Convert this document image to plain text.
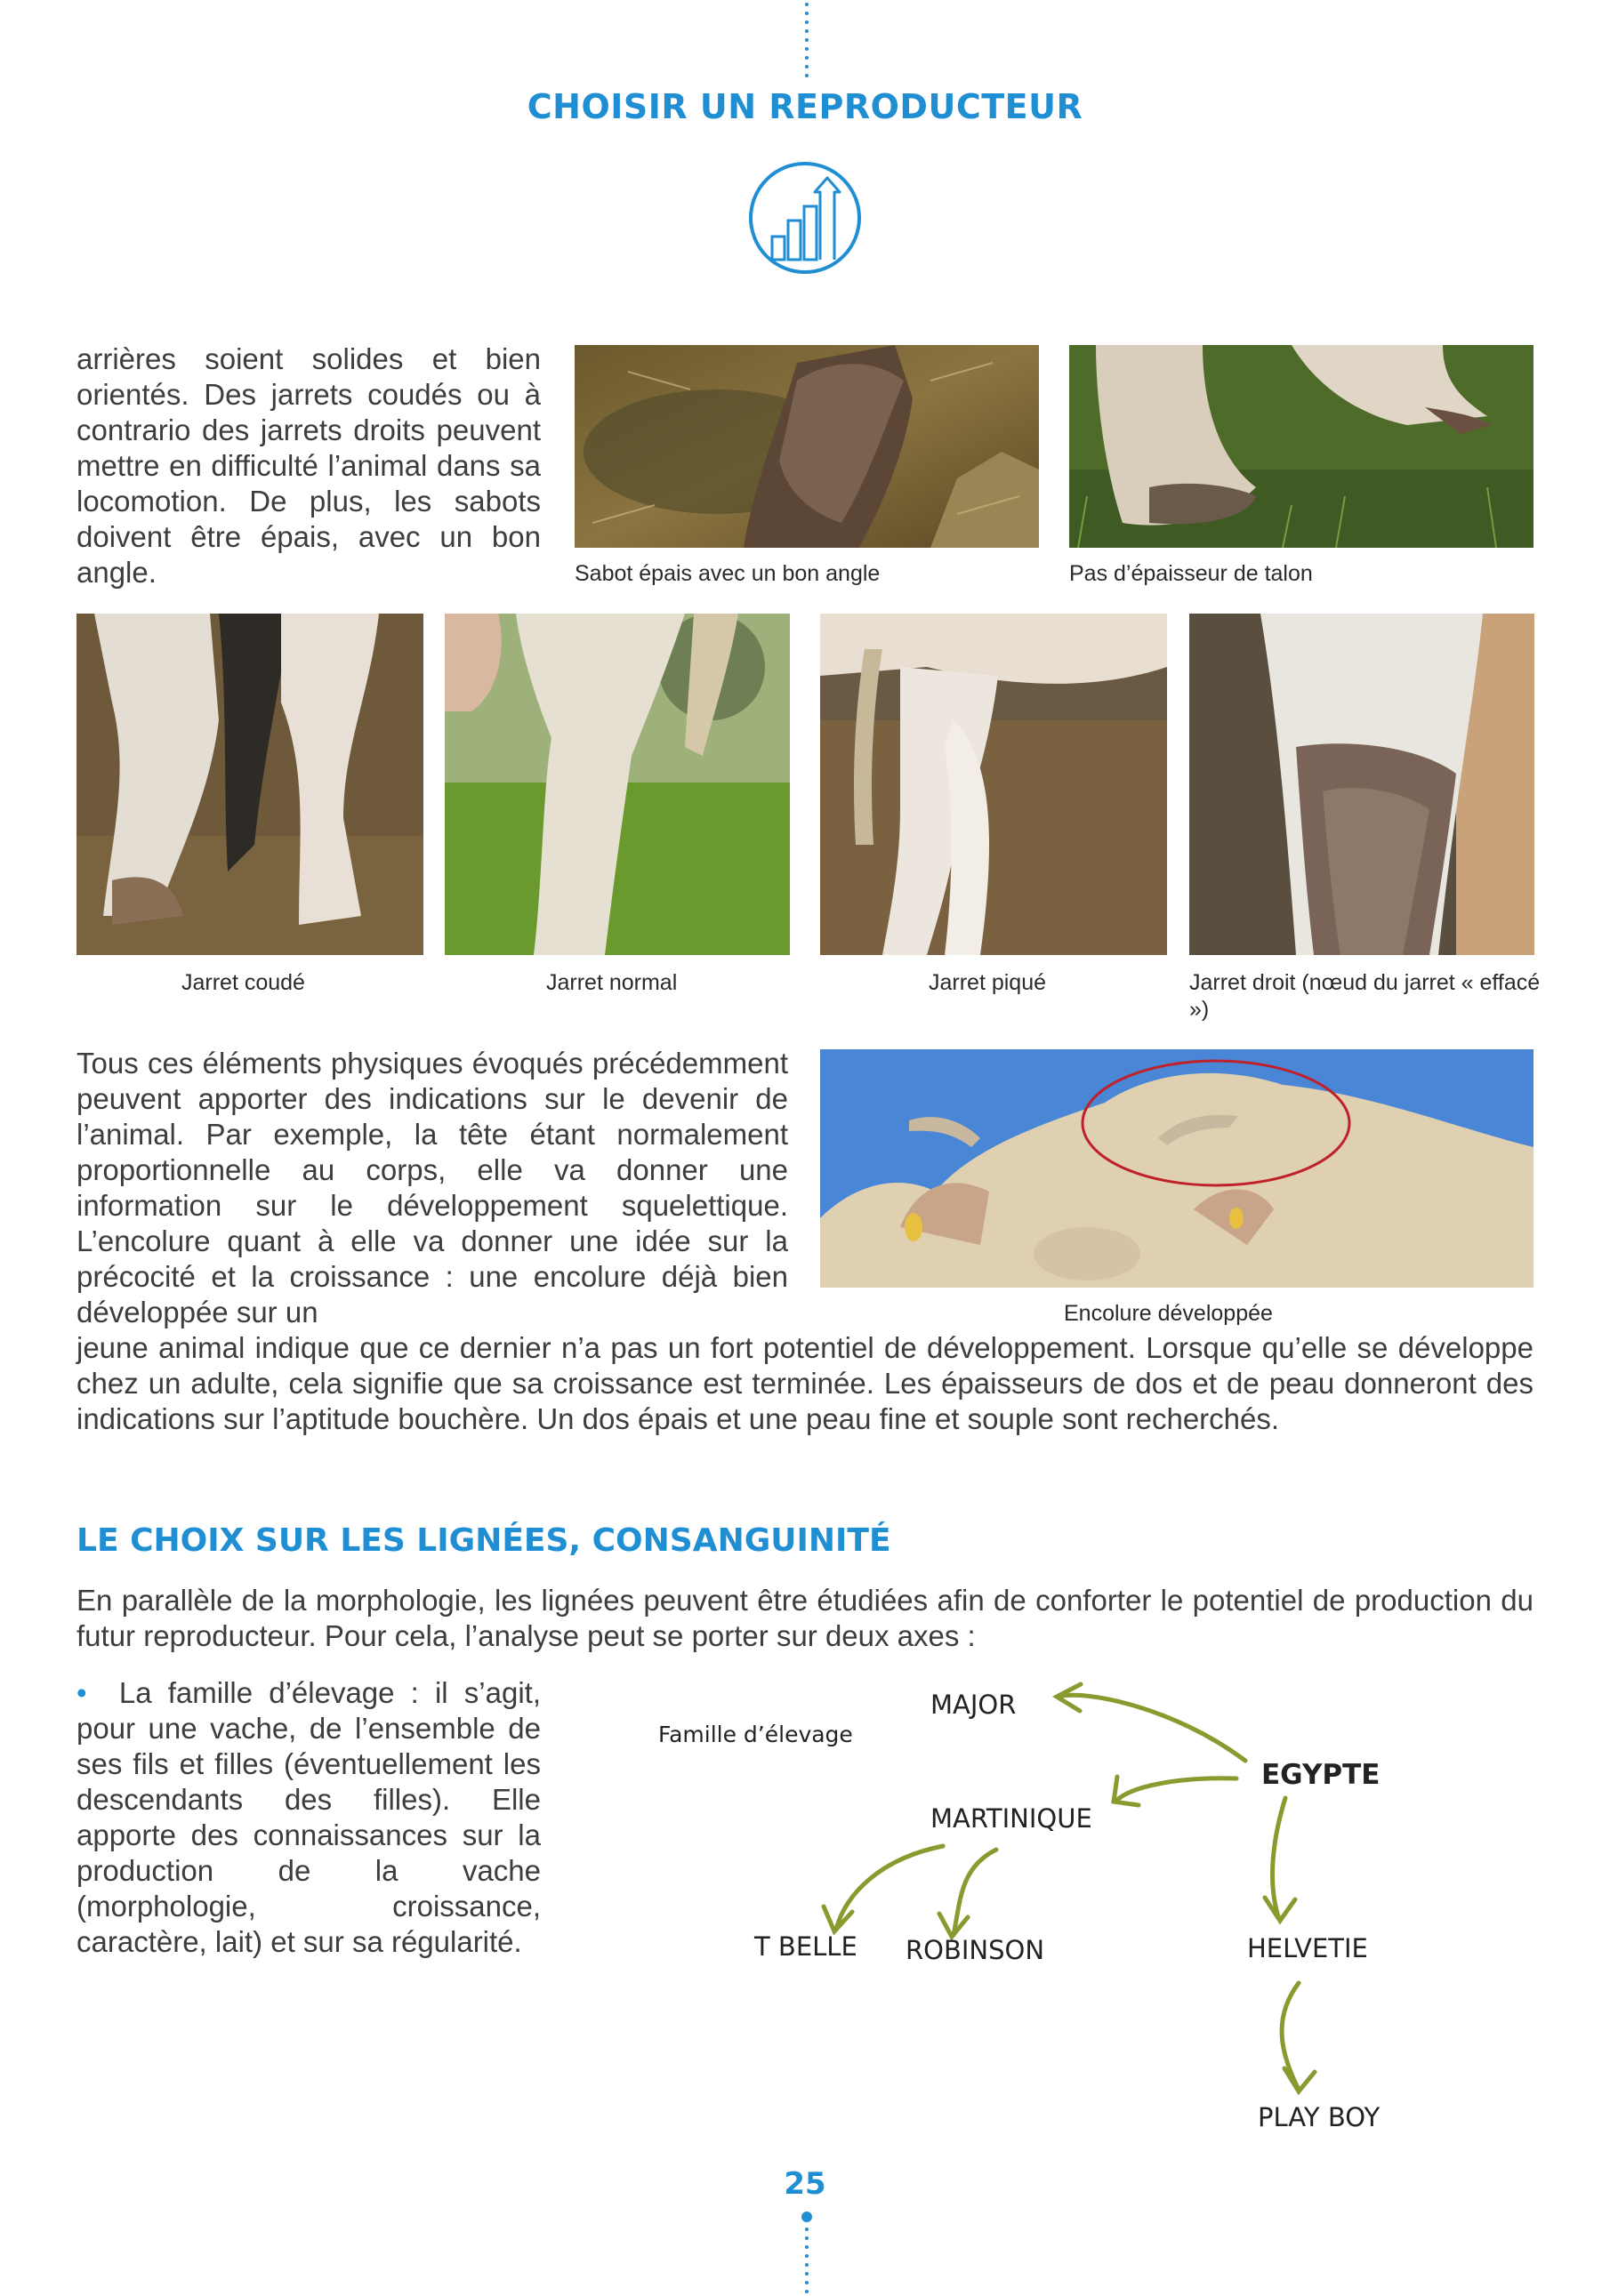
CHOISIR UN REPRODUCTEUR
arrières soient solides et bien orientés. Des jarrets coudés ou à contrario des jarrets droits peuvent mettre en difficulté l’animal dans sa locomotion. De plus, les sabots doivent être épais, avec un bon angle.	Sabot épais avec un bon angle	Pas d’épaisseur de talon
Jarret coudé	Jarret normal	Jarret piqué	Jarret droit (nœud du jarret « effacé »)
Tous ces éléments physiques évoqués précédemment peuvent apporter des indications sur le devenir de l’animal. Par exemple, la tête étant normalement proportionnelle au corps, elle va donner une information sur le développement squelettique. L’encolure quant à elle va donner une idée sur la précocité et la croissance : une encolure déjà bien développée sur un	Encolure développée
jeune animal indique que ce dernier n’a pas un fort potentiel de développement. Lorsque qu’elle se développe chez un adulte, cela signifie que sa croissance est terminée. Les épaisseurs de dos et de peau donneront des indications sur l’aptitude bouchère. Un dos épais et une peau fine et souple sont recherchés.
LE CHOIX SUR LES LIGNÉES, CONSANGUINITÉ
En parallèle de la morphologie, les lignées peuvent être étudiées afin de conforter le potentiel de production du futur reproducteur. Pour cela, l’analyse peut se porter sur deux axes :
• La famille d’élevage : il s’agit, pour une vache, de l’ensemble de ses fils et filles (éventuellement les descendants des filles). Elle apporte des connaissances sur la production de la vache (morphologie, croissance, caractère, lait) et sur sa régularité.
Famille d’élevage
EGYPTE
MAJOR
MARTINIQUE
HELVETIE
T BELLE ROBINSON
PLAY BOY
25
